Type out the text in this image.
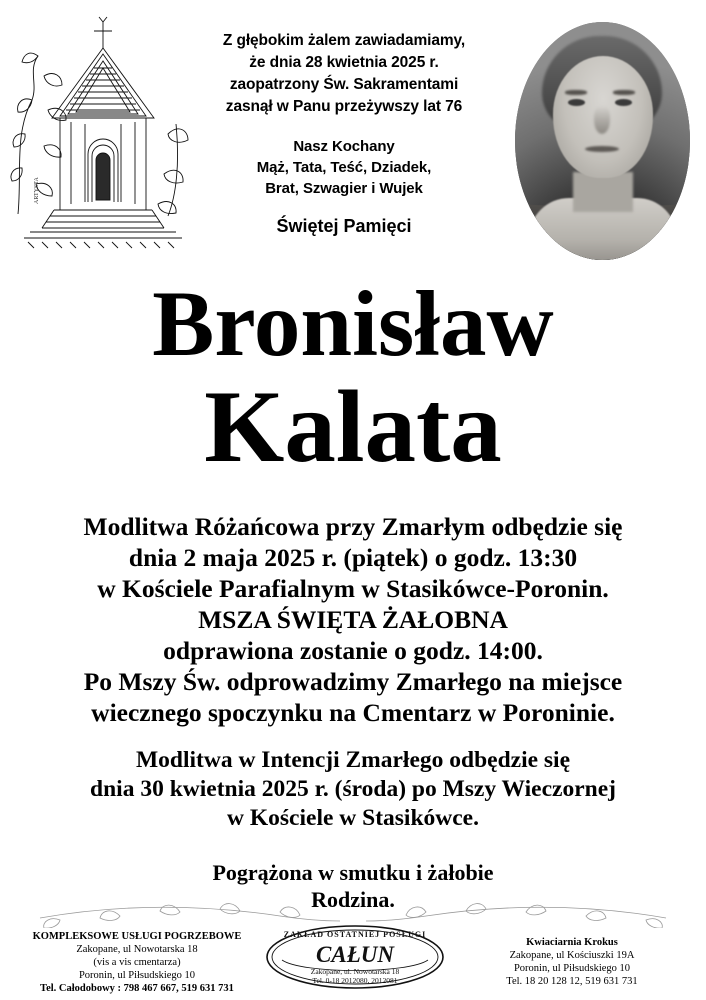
ARTYSTA
Z głębokim żalem zawiadamiamy,
że dnia 28 kwietnia 2025 r.
zaopatrzony Św. Sakramentami
zasnął w Panu przeżywszy lat 76
Nasz Kochany
Mąż, Tata, Teść, Dziadek,
Brat, Szwagier i Wujek
Świętej Pamięci
Bronisław
Kalata
Modlitwa Różańcowa przy Zmarłym odbędzie się
dnia 2 maja 2025 r. (piątek) o godz. 13:30
w Kościele Parafialnym w Stasikówce-Poronin.
MSZA ŚWIĘTA ŻAŁOBNA
odprawiona zostanie o godz. 14:00.
Po Mszy Św. odprowadzimy Zmarłego na miejsce
wiecznego spoczynku na Cmentarz w Poroninie.
Modlitwa w Intencji Zmarłego odbędzie się
dnia 30 kwietnia 2025 r. (środa) po Mszy Wieczornej
w Kościele w Stasikówce.
Pogrążona w smutku i żałobie
Rodzina.
KOMPLEKSOWE USŁUGI POGRZEBOWE
Zakopane, ul Nowotarska 18
(vis a vis cmentarza)
Poronin, ul Piłsudskiego 10
Tel. Całodobowy : 798 467 667, 519 631 731
ZAKŁAD OSTATNIEJ POSŁUGI
CAŁUN
Zakopane, ul. Nowotarska 18
Tel. 0-18 2012080, 2012081
Kwiaciarnia Krokus
Zakopane, ul Kościuszki 19A
Poronin, ul Piłsudskiego 10
Tel. 18 20 128 12, 519 631 731
